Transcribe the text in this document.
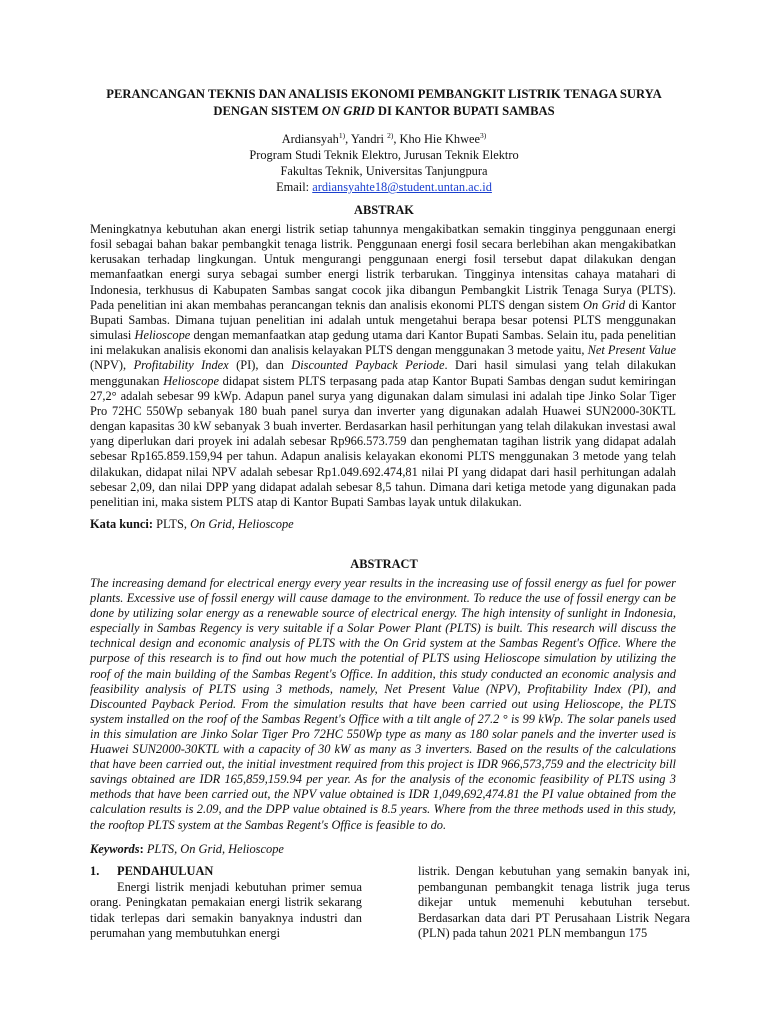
PERANCANGAN TEKNIS DAN ANALISIS EKONOMI PEMBANGKIT LISTRIK TENAGA SURYA
DENGAN SISTEM ON GRID DI KANTOR BUPATI SAMBAS
Ardiansyah$^{1)}$, Yandri $^{2)}$, Kho Hie Khwee$^{3)}$
Program Studi Teknik Elektro, Jurusan Teknik Elektro
Fakultas Teknik, Universitas Tanjungpura
Email: ardiansyahte18@student.untan.ac.id
ABSTRAK
Meningkatnya kebutuhan akan energi listrik setiap tahunnya mengakibatkan semakin tingginya penggunaan energi fosil sebagai bahan bakar pembangkit tenaga listrik. Penggunaan energi fosil secara berlebihan akan mengakibatkan kerusakan terhadap lingkungan. Untuk mengurangi penggunaan energi fosil tersebut dapat dilakukan dengan memanfaatkan energi surya sebagai sumber energi listrik terbarukan. Tingginya intensitas cahaya matahari di Indonesia, terkhusus di Kabupaten Sambas sangat cocok jika dibangun Pembangkit Listrik Tenaga Surya (PLTS). Pada penelitian ini akan membahas perancangan teknis dan analisis ekonomi PLTS dengan sistem On Grid di Kantor Bupati Sambas. Dimana tujuan penelitian ini adalah untuk mengetahui berapa besar potensi PLTS menggunakan simulasi Helioscope dengan memanfaatkan atap gedung utama dari Kantor Bupati Sambas. Selain itu, pada penelitian ini melakukan analisis ekonomi dan analisis kelayakan PLTS dengan menggunakan 3 metode yaitu, Net Present Value (NPV), Profitability Index (PI), dan Discounted Payback Periode. Dari hasil simulasi yang telah dilakukan menggunakan Helioscope didapat sistem PLTS terpasang pada atap Kantor Bupati Sambas dengan sudut kemiringan 27,2° adalah sebesar 99 kWp. Adapun panel surya yang digunakan dalam simulasi ini adalah tipe Jinko Solar Tiger Pro 72HC 550Wp sebanyak 180 buah panel surya dan inverter yang digunakan adalah Huawei SUN2000-30KTL dengan kapasitas 30 kW sebanyak 3 buah inverter. Berdasarkan hasil perhitungan yang telah dilakukan investasi awal yang diperlukan dari proyek ini adalah sebesar Rp966.573.759 dan penghematan tagihan listrik yang didapat adalah sebesar Rp165.859.159,94 per tahun. Adapun analisis kelayakan ekonomi PLTS menggunakan 3 metode yang telah dilakukan, didapat nilai NPV adalah sebesar Rp1.049.692.474,81 nilai PI yang didapat dari hasil perhitungan adalah sebesar 2,09, dan nilai DPP yang didapat adalah sebesar 8,5 tahun. Dimana dari ketiga metode yang digunakan pada penelitian ini, maka sistem PLTS atap di Kantor Bupati Sambas layak untuk dilakukan.
Kata kunci: PLTS, On Grid, Helioscope
ABSTRACT
The increasing demand for electrical energy every year results in the increasing use of fossil energy as fuel for power plants. Excessive use of fossil energy will cause damage to the environment. To reduce the use of fossil energy can be done by utilizing solar energy as a renewable source of electrical energy. The high intensity of sunlight in Indonesia, especially in Sambas Regency is very suitable if a Solar Power Plant (PLTS) is built. This research will discuss the technical design and economic analysis of PLTS with the On Grid system at the Sambas Regent's Office. Where the purpose of this research is to find out how much the potential of PLTS using Helioscope simulation by utilizing the roof of the main building of the Sambas Regent's Office. In addition, this study conducted an economic analysis and feasibility analysis of PLTS using 3 methods, namely, Net Present Value (NPV), Profitability Index (PI), and Discounted Payback Period. From the simulation results that have been carried out using Helioscope, the PLTS system installed on the roof of the Sambas Regent's Office with a tilt angle of 27.2 ° is 99 kWp. The solar panels used in this simulation are Jinko Solar Tiger Pro 72HC 550Wp type as many as 180 solar panels and the inverter used is Huawei SUN2000-30KTL with a capacity of 30 kW as many as 3 inverters. Based on the results of the calculations that have been carried out, the initial investment required from this project is IDR 966,573,759 and the electricity bill savings obtained are IDR 165,859,159.94 per year. As for the analysis of the economic feasibility of PLTS using 3 methods that have been carried out, the NPV value obtained is IDR 1,049,692,474.81 the PI value obtained from the calculation results is 2.09, and the DPP value obtained is 8.5 years. Where from the three methods used in this study, the rooftop PLTS system at the Sambas Regent's Office is feasible to do.
Keywords: PLTS, On Grid, Helioscope
1. PENDAHULUAN
Energi listrik menjadi kebutuhan primer semua orang. Peningkatan pemakaian energi listrik sekarang tidak terlepas dari semakin banyaknya industri dan perumahan yang membutuhkan energi
listrik. Dengan kebutuhan yang semakin banyak ini, pembangunan pembangkit tenaga listrik juga terus dikejar untuk memenuhi kebutuhan tersebut. Berdasarkan data dari PT Perusahaan Listrik Negara (PLN) pada tahun 2021 PLN membangun 175
